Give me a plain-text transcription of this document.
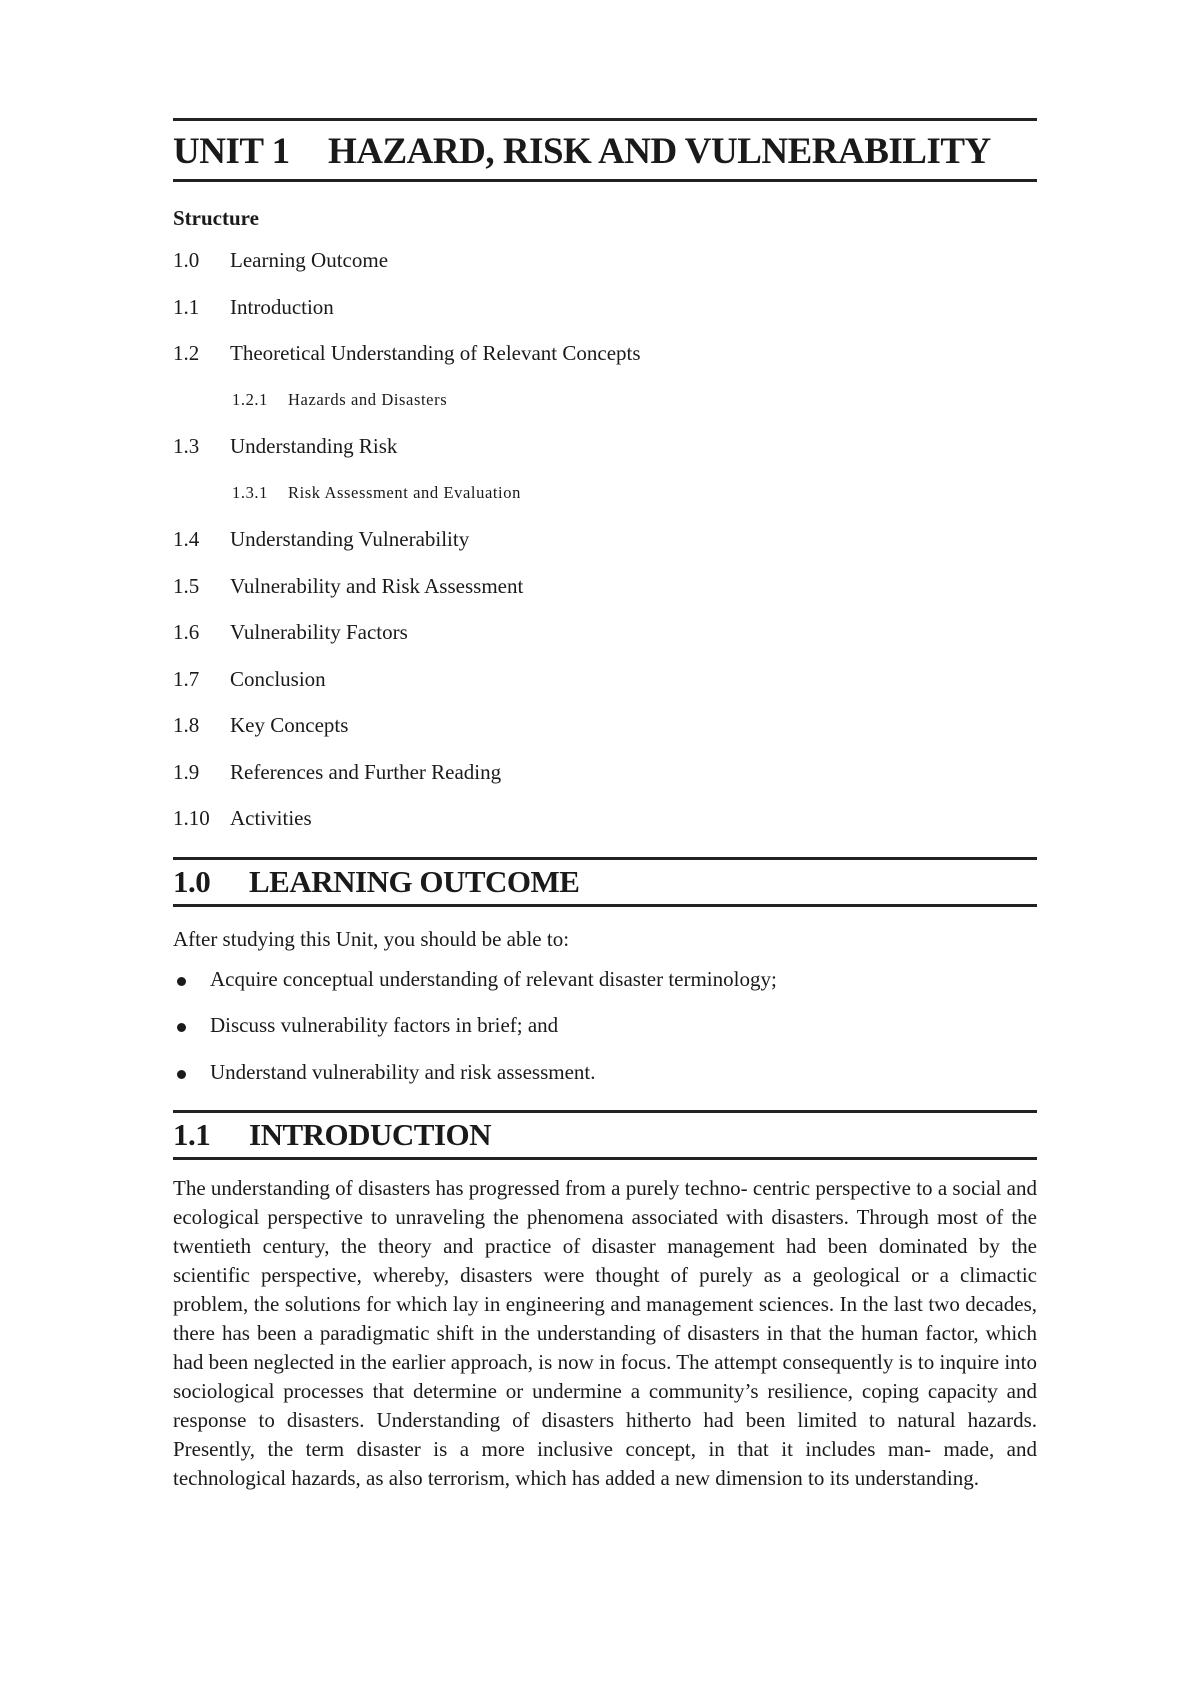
UNIT 1	HAZARD, RISK AND VULNERABILITY
Structure
1.0	Learning Outcome
1.1	Introduction
1.2	Theoretical Understanding of Relevant Concepts
1.2.1	Hazards and Disasters
1.3	Understanding Risk
1.3.1	Risk Assessment and Evaluation
1.4	Understanding Vulnerability
1.5	Vulnerability and Risk Assessment
1.6	Vulnerability Factors
1.7	Conclusion
1.8	Key Concepts
1.9	References and Further Reading
1.10 Activities
1.0	LEARNING OUTCOME
After studying this Unit, you should be able to:
Acquire conceptual understanding of relevant disaster terminology;
Discuss vulnerability factors in brief; and
Understand vulnerability and risk assessment.
1.1	INTRODUCTION

The understanding of disasters has progressed from a purely techno- centric perspective to a social and ecological perspective to unraveling the phenomena associated with disasters. Through most of the twentieth century, the theory and practice of disaster management had been dominated by the scientific perspective, whereby, disasters were thought of purely as a geological or a climactic problem, the solutions for which lay in engineering and management sciences. In the last two decades, there has been a paradigmatic shift in the understanding of disasters in that the human factor, which had been neglected in the earlier approach, is now in focus. The attempt consequently is to inquire into sociological processes that determine or undermine a community’s resilience, coping capacity and response to disasters. Understanding of disasters hitherto had been limited to natural hazards. Presently, the term disaster is a more inclusive concept, in that it includes man- made, and technological hazards, as also terrorism, which has added a new dimension to its understanding.
